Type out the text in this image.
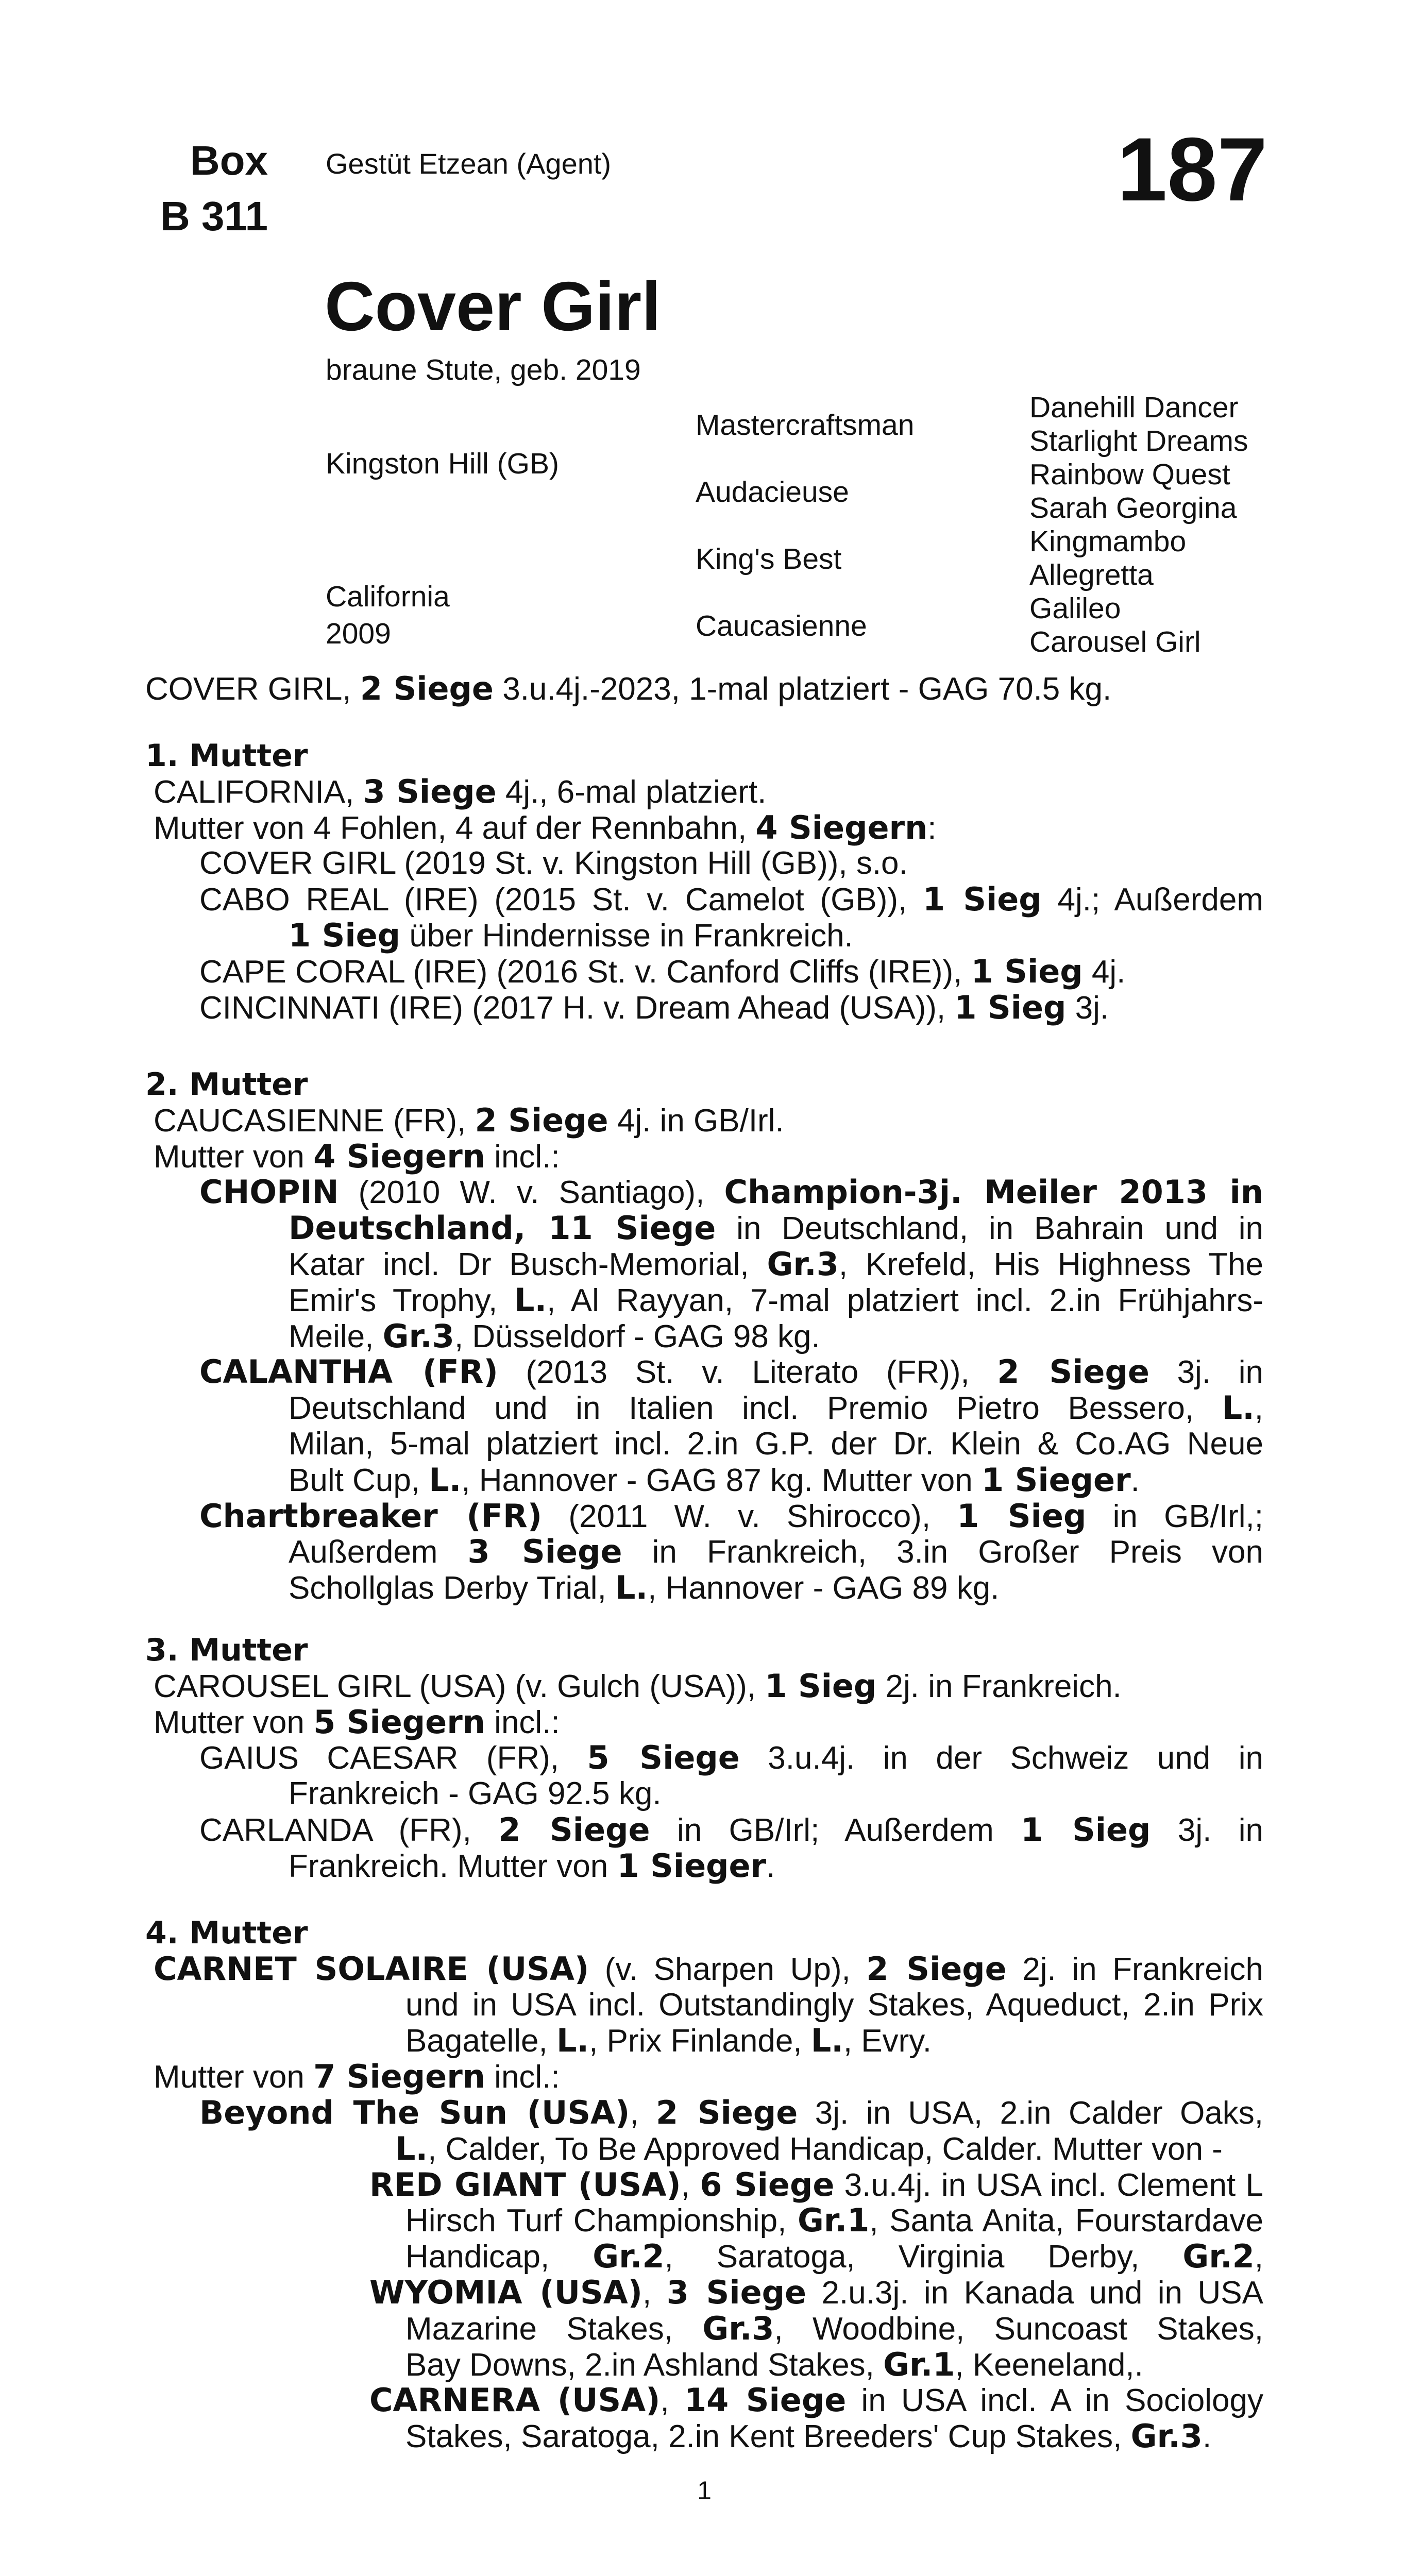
Box
B 311
Gestüt Etzean (Agent)	187
Cover Girl
braune Stute, geb. 2019
Kingston Hill (GB)
California
2009
Mastercraftsman
Audacieuse
King's Best
Caucasienne
Danehill Dancer
Starlight Dreams
Rainbow Quest
Sarah Georgina
Kingmambo
Allegretta
Galileo
Carousel Girl
COVER GIRL, 2 Siege 3.u.4j.-2023, 1-mal platziert - GAG 70.5 kg.
1. Mutter
CALIFORNIA, 3 Siege 4j., 6-mal platziert.
Mutter von 4 Fohlen, 4 auf der Rennbahn, 4 Siegern:
COVER GIRL (2019 St. v. Kingston Hill (GB)), s.o.
CABO REAL (IRE) (2015 St. v. Camelot (GB)), 1 Sieg 4j.; Außerdem
1 Sieg über Hindernisse in Frankreich.
CAPE CORAL (IRE) (2016 St. v. Canford Cliffs (IRE)), 1 Sieg 4j.
CINCINNATI (IRE) (2017 H. v. Dream Ahead (USA)), 1 Sieg 3j.
2. Mutter
CAUCASIENNE (FR), 2 Siege 4j. in GB/Irl.
Mutter von 4 Siegern incl.:
CHOPIN (2010 W. v. Santiago), Champion-3j. Meiler 2013 in
Deutschland, 11 Siege in Deutschland, in Bahrain und in
Katar incl. Dr Busch-Memorial, Gr.3, Krefeld, His Highness The
Emir's Trophy, L., Al Rayyan, 7-mal platziert incl. 2.in Frühjahrs-
Meile, Gr.3, Düsseldorf - GAG 98 kg.
CALANTHA (FR) (2013 St. v. Literato (FR)), 2 Siege 3j. in
Deutschland und in Italien incl. Premio Pietro Bessero, L.,
Milan, 5-mal platziert incl. 2.in G.P. der Dr. Klein & Co.AG Neue
Bult Cup, L., Hannover - GAG 87 kg. Mutter von 1 Sieger.
Chartbreaker (FR) (2011 W. v. Shirocco), 1 Sieg in GB/Irl,;
Außerdem 3 Siege in Frankreich, 3.in Großer Preis von
Schollglas Derby Trial, L., Hannover - GAG 89 kg.
3. Mutter
CAROUSEL GIRL (USA) (v. Gulch (USA)), 1 Sieg 2j. in Frankreich.
Mutter von 5 Siegern incl.:
GAIUS CAESAR (FR), 5 Siege 3.u.4j. in der Schweiz und in
Frankreich - GAG 92.5 kg.
CARLANDA (FR), 2 Siege in GB/Irl; Außerdem 1 Sieg 3j. in
Frankreich. Mutter von 1 Sieger.
4. Mutter
CARNET SOLAIRE (USA) (v. Sharpen Up), 2 Siege 2j. in Frankreich
und in USA incl. Outstandingly Stakes, Aqueduct, 2.in Prix
Bagatelle, L., Prix Finlande, L., Evry.
Mutter von 7 Siegern incl.:
Beyond The Sun (USA), 2 Siege 3j. in USA, 2.in Calder Oaks,
L., Calder, To Be Approved Handicap, Calder. Mutter von -
RED GIANT (USA), 6 Siege 3.u.4j. in USA incl. Clement L
Hirsch Turf Championship, Gr.1, Santa Anita, Fourstardave
Handicap, Gr.2, Saratoga, Virginia Derby, Gr.2,
WYOMIA (USA), 3 Siege 2.u.3j. in Kanada und in USA
Mazarine Stakes, Gr.3, Woodbine, Suncoast Stakes,
Bay Downs, 2.in Ashland Stakes, Gr.1, Keeneland,.
CARNERA (USA), 14 Siege in USA incl. A in Sociology
Stakes, Saratoga, 2.in Kent Breeders' Cup Stakes, Gr.3.
1
